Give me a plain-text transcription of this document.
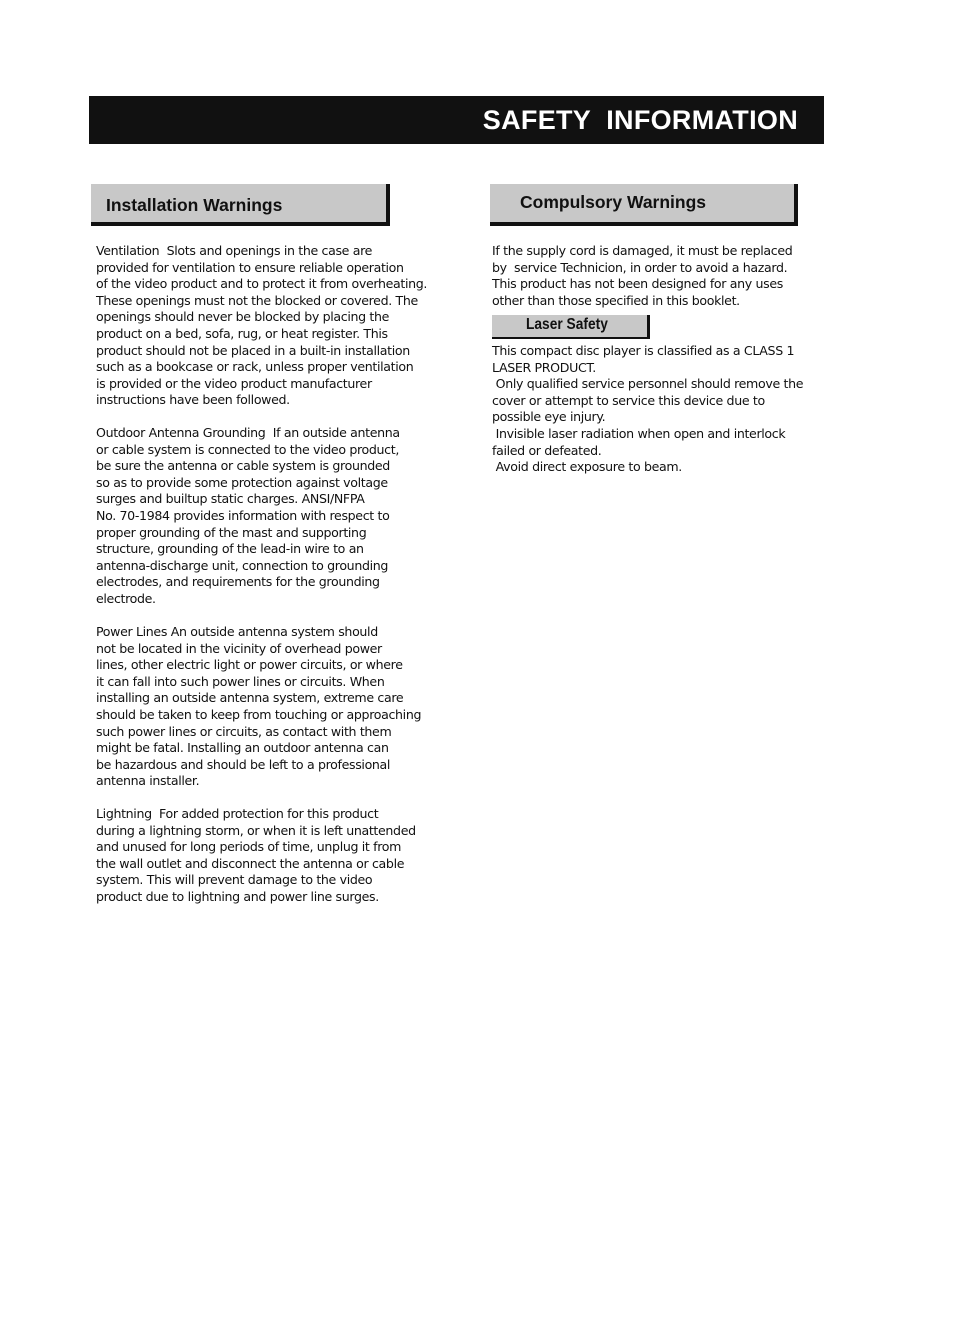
SAFETY  INFORMATION
Installation Warnings	Compulsory Warnings

Ventilation  Slots and openings in the case are
provided for ventilation to ensure reliable operation
of the video product and to protect it from overheating.
These openings must not the blocked or covered. The
openings should never be blocked by placing the
product on a bed, sofa, rug, or heat register. This
product should not be placed in a built-in installation
such as a bookcase or rack, unless proper ventilation
is provided or the video product manufacturer
instructions have been followed.

Outdoor Antenna Grounding  If an outside antenna
or cable system is connected to the video product,
be sure the antenna or cable system is grounded
so as to provide some protection against voltage
surges and builtup static charges. ANSI/NFPA
No. 70-1984 provides information with respect to
proper grounding of the mast and supporting
structure, grounding of the lead-in wire to an
antenna-discharge unit, connection to grounding
electrodes, and requirements for the grounding
electrode.

Power Lines An outside antenna system should
not be located in the vicinity of overhead power
lines, other electric light or power circuits, or where
it can fall into such power lines or circuits. When
installing an outside antenna system, extreme care
should be taken to keep from touching or approaching
such power lines or circuits, as contact with them
might be fatal. Installing an outdoor antenna can
be hazardous and should be left to a professional
antenna installer.

Lightning  For added protection for this product
during a lightning storm, or when it is left unattended
and unused for long periods of time, unplug it from
the wall outlet and disconnect the antenna or cable
system. This will prevent damage to the video
product due to lightning and power line surges.

If the supply cord is damaged, it must be replaced
by  service Technicion, in order to avoid a hazard.
This product has not been designed for any uses
other than those specified in this booklet.

Laser Safety

This compact disc player is classified as a CLASS 1
LASER PRODUCT.
Only qualified service personnel should remove the
cover or attempt to service this device due to
possible eye injury.
Invisible laser radiation when open and interlock
failed or defeated.
Avoid direct exposure to beam.
